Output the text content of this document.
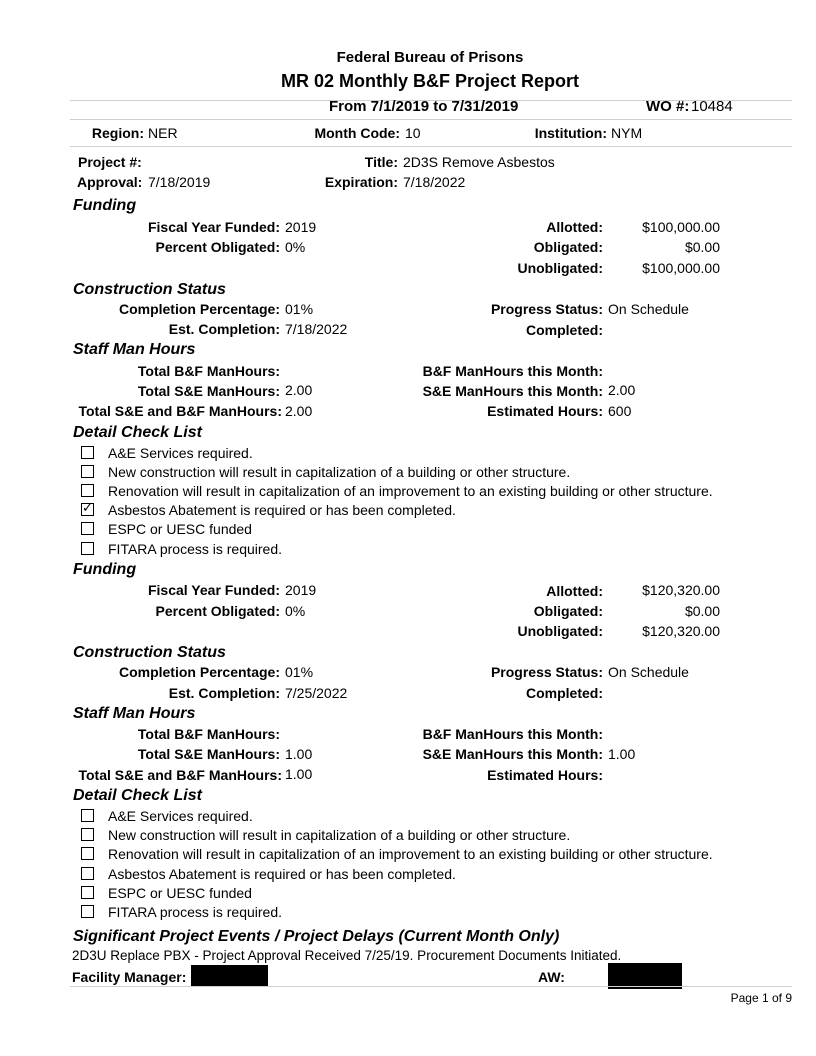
Federal Bureau of Prisons
MR 02 Monthly B&F Project Report
From 7/1/2019 to 7/31/2019	WO #: 10484
Region: NER	Month Code: 10	Institution: NYM
Project #:	Title: 2D3S Remove Asbestos
Approval: 7/18/2019	Expiration: 7/18/2022
Funding
Fiscal Year Funded: 2019
Percent Obligated: 0%
Allotted:	$100,000.00
Obligated:	$0.00
Unobligated:	$100,000.00
Construction Status
Completion Percentage: 01%
Est. Completion: 7/18/2022
Progress Status: On Schedule
Completed:
Staff Man Hours
Total B&F ManHours:
Total S&E ManHours: 2.00
Total S&E and B&F ManHours: 2.00
B&F ManHours this Month:
S&E ManHours this Month: 2.00
Estimated Hours: 600
Detail Check List
A&E Services required.
New construction will result in capitalization of a building or other structure.
Renovation will result in capitalization of an improvement to an existing building or other structure.
✓ Asbestos Abatement is required or has been completed.
ESPC or UESC funded
FITARA process is required.
Funding
Fiscal Year Funded: 2019
Percent Obligated: 0%
Allotted:	$120,320.00
Obligated:	$0.00
Unobligated:	$120,320.00
Construction Status
Completion Percentage: 01%
Est. Completion: 7/25/2022
Progress Status: On Schedule
Completed:
Staff Man Hours
Total B&F ManHours:
Total S&E ManHours: 1.00
Total S&E and B&F ManHours: 1.00
B&F ManHours this Month:
S&E ManHours this Month: 1.00
Estimated Hours:
Detail Check List
A&E Services required.
New construction will result in capitalization of a building or other structure.
Renovation will result in capitalization of an improvement to an existing building or other structure.
Asbestos Abatement is required or has been completed.
ESPC or UESC funded
FITARA process is required.
Significant Project Events / Project Delays (Current Month Only)
2D3U Replace PBX - Project Approval Received 7/25/19. Procurement Documents Initiated.
Facility Manager:	AW:
Page 1 of 9
